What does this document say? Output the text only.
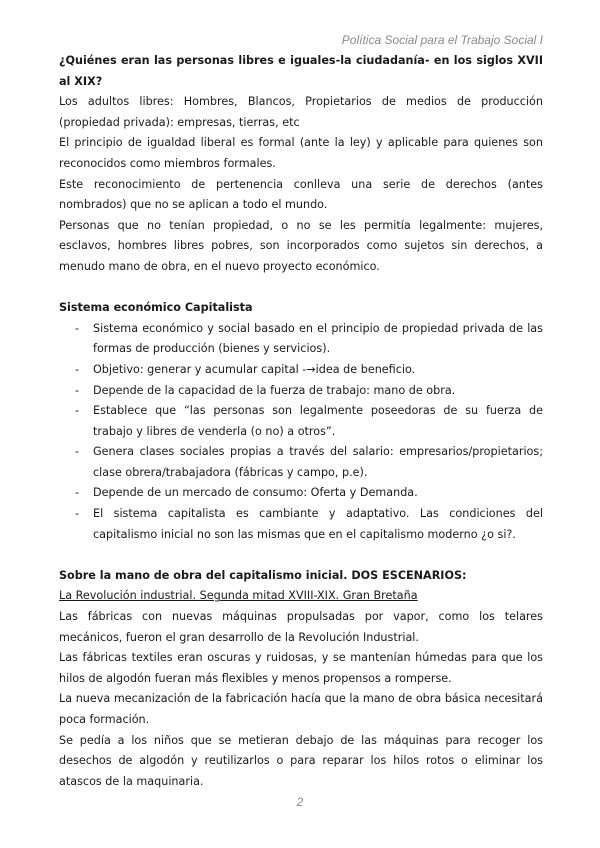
Política Social para el Trabajo Social I

¿Quiénes eran las personas libres e iguales-la ciudadanía- en los siglos XVII al XIX?

Los adultos libres: Hombres, Blancos, Propietarios de medios de producción (propiedad privada): empresas, tierras, etc

El principio de igualdad liberal es formal (ante la ley) y aplicable para quienes son reconocidos como miembros formales.

Este reconocimiento de pertenencia conlleva una serie de derechos (antes nombrados) que no se aplican a todo el mundo.

Personas que no tenían propiedad, o no se les permitía legalmente: mujeres, esclavos, hombres libres pobres, son incorporados como sujetos sin derechos, a menudo mano de obra, en el nuevo proyecto económico.

Sistema económico Capitalista

- Sistema económico y social basado en el principio de propiedad privada de las formas de producción (bienes y servicios).
- Objetivo: generar y acumular capital -→idea de beneficio.
- Depende de la capacidad de la fuerza de trabajo: mano de obra.
- Establece que “las personas son legalmente poseedoras de su fuerza de trabajo y libres de venderla (o no) a otros”.
- Genera clases sociales propias a través del salario: empresarios/propietarios; clase obrera/trabajadora (fábricas y campo, p.e).
- Depende de un mercado de consumo: Oferta y Demanda.
- El sistema capitalista es cambiante y adaptativo. Las condiciones del capitalismo inicial no son las mismas que en el capitalismo moderno ¿o si?.

Sobre la mano de obra del capitalismo inicial. DOS ESCENARIOS:

La Revolución industrial. Segunda mitad XVIII-XIX. Gran Bretaña

Las fábricas con nuevas máquinas propulsadas por vapor, como los telares mecánicos, fueron el gran desarrollo de la Revolución Industrial.

Las fábricas textiles eran oscuras y ruidosas, y se mantenían húmedas para que los hilos de algodón fueran más flexibles y menos propensos a romperse.

La nueva mecanización de la fabricación hacía que la mano de obra básica necesitará poca formación.

Se pedía a los niños que se metieran debajo de las máquinas para recoger los desechos de algodón y reutilizarlos o para reparar los hilos rotos o eliminar los atascos de la maquinaria.

2
